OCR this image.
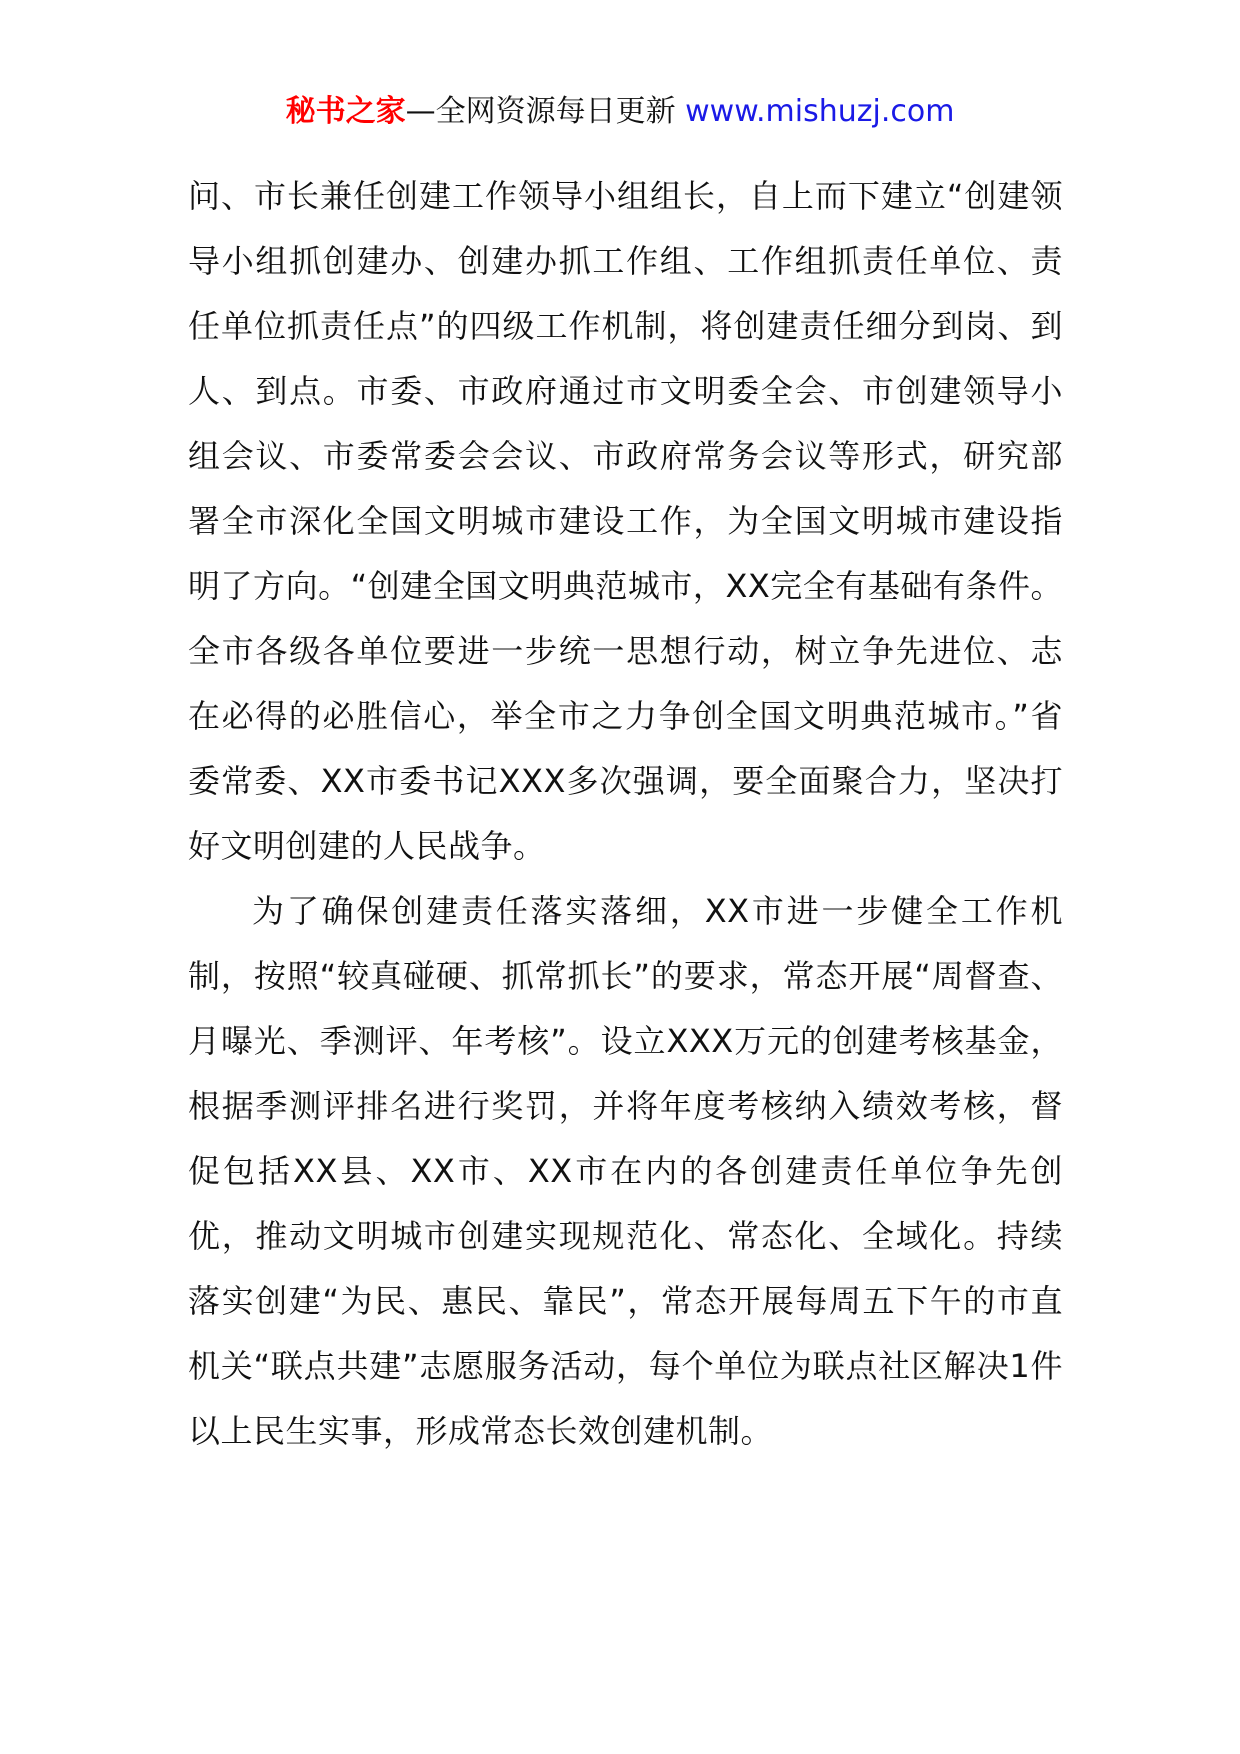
秘书之家—全网资源每日更新 www.mishuzj.com

问、市长兼任创建工作领导小组组长，自上而下建立“创建领导小组抓创建办、创建办抓工作组、工作组抓责任单位、责任单位抓责任点”的四级工作机制，将创建责任细分到岗、到人、到点。市委、市政府通过市文明委全会、市创建领导小组会议、市委常委会会议、市政府常务会议等形式，研究部署全市深化全国文明城市建设工作，为全国文明城市建设指明了方向。“创建全国文明典范城市，XX完全有基础有条件。全市各级各单位要进一步统一思想行动，树立争先进位、志在必得的必胜信心，举全市之力争创全国文明典范城市。”省委常委、XX市委书记XXX多次强调，要全面聚合力，坚决打好文明创建的人民战争。

为了确保创建责任落实落细，XX市进一步健全工作机制，按照“较真碰硬、抓常抓长”的要求，常态开展“周督查、月曝光、季测评、年考核”。设立XXX万元的创建考核基金，根据季测评排名进行奖罚，并将年度考核纳入绩效考核，督促包括XX县、XX市、XX市在内的各创建责任单位争先创优，推动文明城市创建实现规范化、常态化、全域化。持续落实创建“为民、惠民、靠民”，常态开展每周五下午的市直机关“联点共建”志愿服务活动，每个单位为联点社区解决1件以上民生实事，形成常态长效创建机制。
